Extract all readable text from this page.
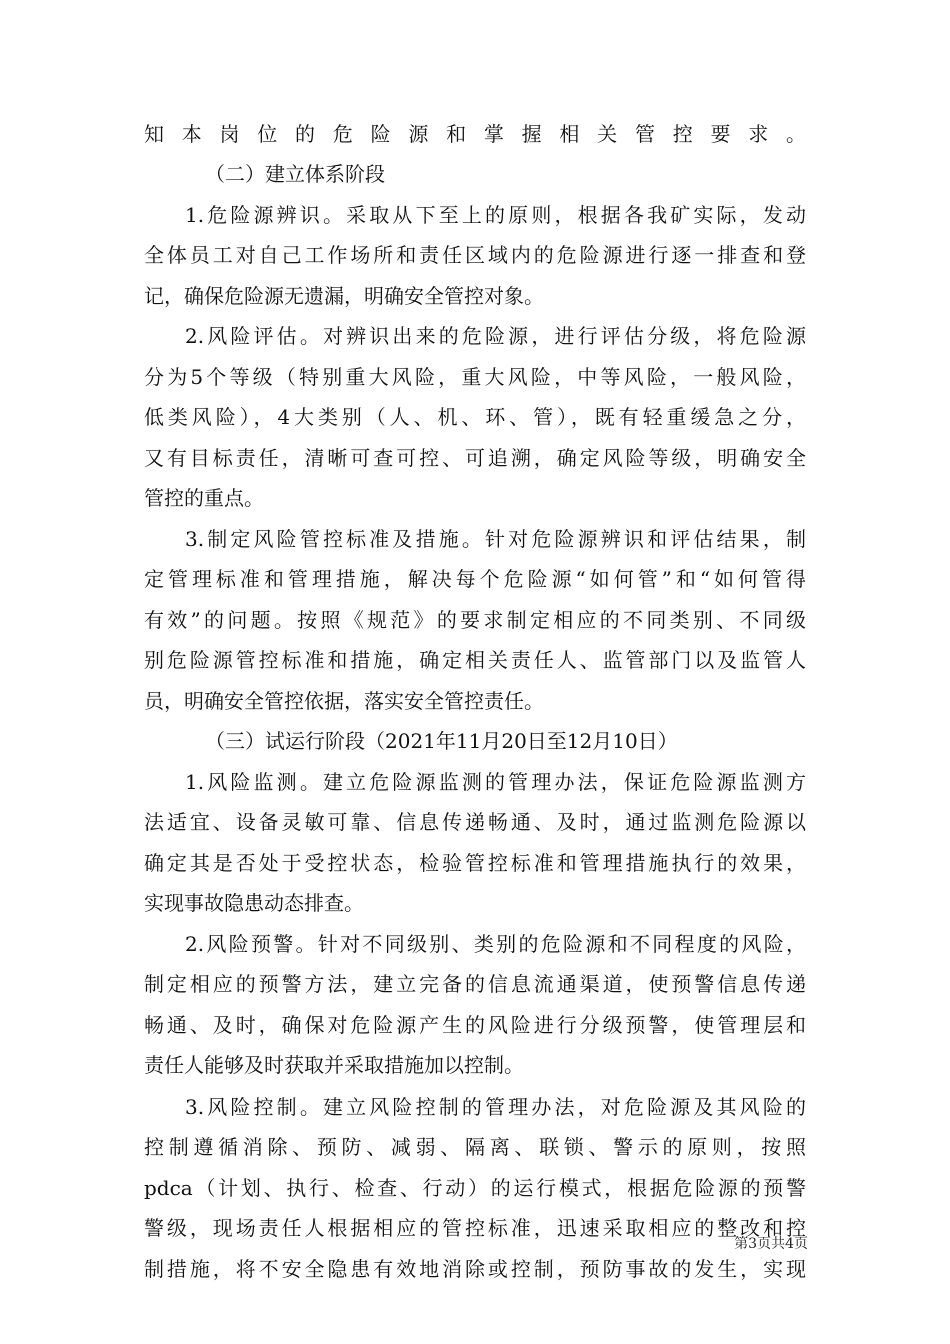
知本岗位的危险源和掌握相关管控要求。
（二）建立体系阶段
1.危险源辨识。采取从下至上的原则，根据各我矿实际，发动
全体员工对自己工作场所和责任区域内的危险源进行逐一排查和登
记，确保危险源无遗漏，明确安全管控对象。
2.风险评估。对辨识出来的危险源，进行评估分级，将危险源
分为5个等级（特别重大风险，重大风险，中等风险，一般风险，
低类风险），4大类别（人、机、环、管），既有轻重缓急之分，
又有目标责任，清晰可查可控、可追溯，确定风险等级，明确安全
管控的重点。
3.制定风险管控标准及措施。针对危险源辨识和评估结果，制
定管理标准和管理措施，解决每个危险源“如何管”和“如何管得
有效”的问题。按照《规范》的要求制定相应的不同类别、不同级
别危险源管控标准和措施，确定相关责任人、监管部门以及监管人
员，明确安全管控依据，落实安全管控责任。
（三）试运行阶段（2021年11月20日至12月10日）
1.风险监测。建立危险源监测的管理办法，保证危险源监测方
法适宜、设备灵敏可靠、信息传递畅通、及时，通过监测危险源以
确定其是否处于受控状态，检验管控标准和管理措施执行的效果，
实现事故隐患动态排查。
2.风险预警。针对不同级别、类别的危险源和不同程度的风险，
制定相应的预警方法，建立完备的信息流通渠道，使预警信息传递
畅通、及时，确保对危险源产生的风险进行分级预警，使管理层和
责任人能够及时获取并采取措施加以控制。
3.风险控制。建立风险控制的管理办法，对危险源及其风险的
控制遵循消除、预防、减弱、隔离、联锁、警示的原则，按照
pdca（计划、执行、检查、行动）的运行模式，根据危险源的预警
警级，现场责任人根据相应的管控标准，迅速采取相应的整改和控
制措施，将不安全隐患有效地消除或控制，预防事故的发生，实现
第3页共4页
